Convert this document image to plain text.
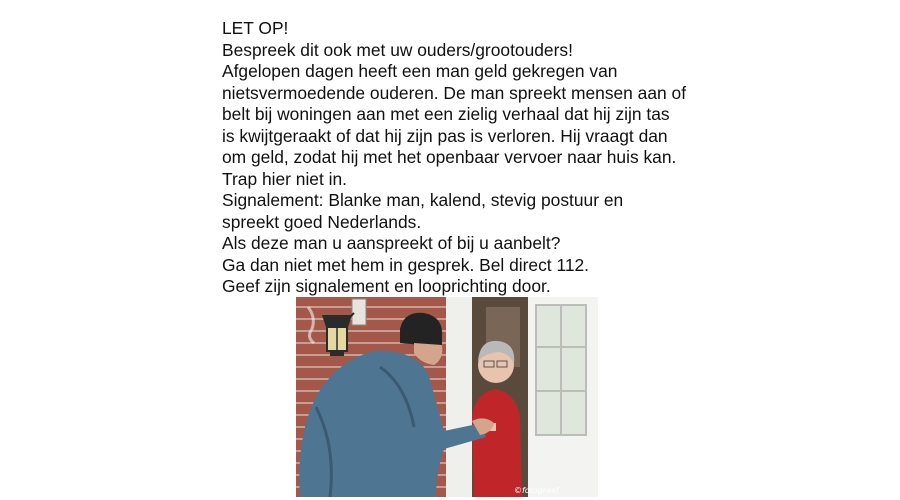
LET OP!
Bespreek dit ook met uw ouders/grootouders!
Afgelopen dagen heeft een man geld gekregen van
nietsvermoedende ouderen. De man spreekt mensen aan of
belt bij woningen aan met een zielig verhaal dat hij zijn tas
is kwijtgeraakt of dat hij zijn pas is verloren. Hij vraagt dan
om geld, zodat hij met het openbaar vervoer naar huis kan.
Trap hier niet in.
Signalement: Blanke man, kalend, stevig postuur en
spreekt goed Nederlands.
Als deze man u aanspreekt of bij u aanbelt?
Ga dan niet met hem in gesprek. Bel direct 112.
Geef zijn signalement en looprichting door.
©fotograaf
